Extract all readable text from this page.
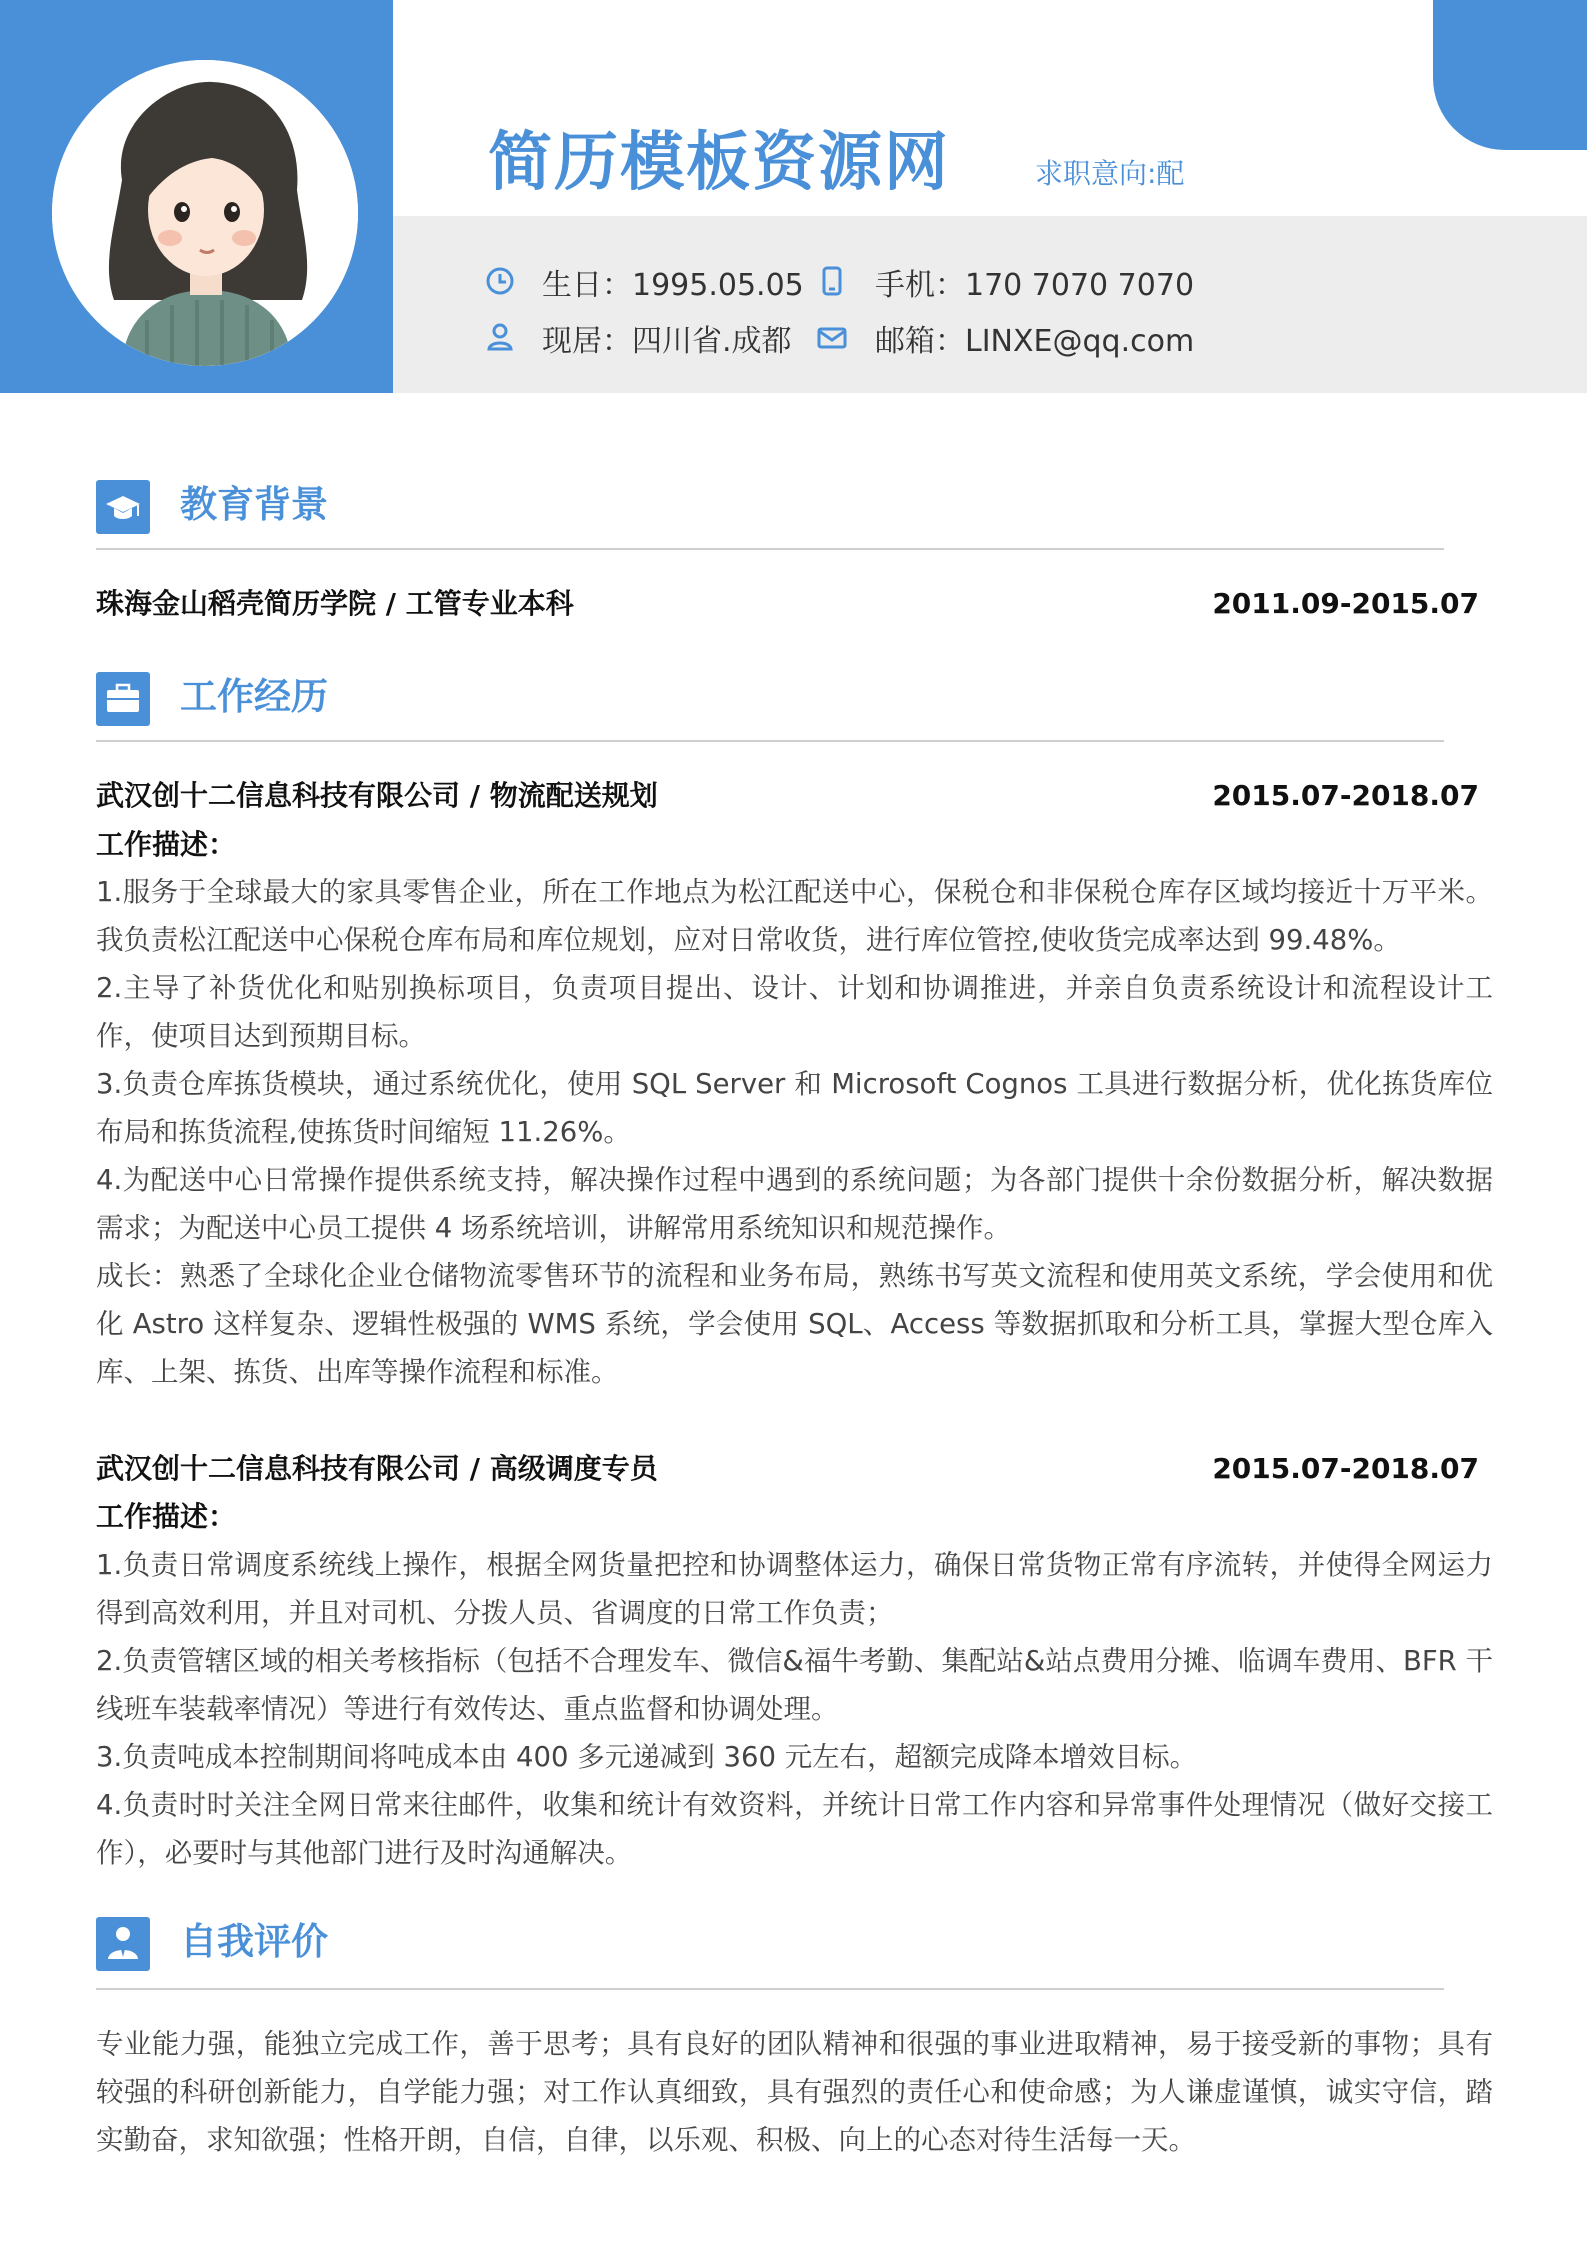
简历模板资源网	求职意向:配
生日：1995.05.05 手机：170 7070 7070
现居：四川省.成都	邮箱：LINXE@qq.com
教育背景
珠海金山稻壳简历学院 / 工管专业本科	2011.09-2015.07
工作经历
武汉创十二信息科技有限公司 / 物流配送规划	2015.07-2018.07
工作描述：

1.服务于全球最大的家具零售企业，所在工作地点为松江配送中心，保税仓和非保税仓库存区域均接近十万平米。我负责松江配送中心保税仓库布局和库位规划，应对日常收货，进行库位管控,使收货完成率达到 99.48%。

2.主导了补货优化和贴别换标项目，负责项目提出、设计、计划和协调推进，并亲自负责系统设计和流程设计工作，使项目达到预期目标。

3.负责仓库拣货模块，通过系统优化，使用 SQL Server 和 Microsoft Cognos 工具进行数据分析，优化拣货库位布局和拣货流程,使拣货时间缩短 11.26%。

4.为配送中心日常操作提供系统支持，解决操作过程中遇到的系统问题；为各部门提供十余份数据分析，解决数据需求；为配送中心员工提供 4 场系统培训，讲解常用系统知识和规范操作。

成长：熟悉了全球化企业仓储物流零售环节的流程和业务布局，熟练书写英文流程和使用英文系统，学会使用和优化 Astro 这样复杂、逻辑性极强的 WMS 系统，学会使用 SQL、Access 等数据抓取和分析工具，掌握大型仓库入库、上架、拣货、出库等操作流程和标准。

武汉创十二信息科技有限公司 / 高级调度专员	2015.07-2018.07
工作描述：

1.负责日常调度系统线上操作，根据全网货量把控和协调整体运力，确保日常货物正常有序流转，并使得全网运力得到高效利用，并且对司机、分拨人员、省调度的日常工作负责；

2.负责管辖区域的相关考核指标（包括不合理发车、微信&福牛考勤、集配站&站点费用分摊、临调车费用、BFR 干线班车装载率情况）等进行有效传达、重点监督和协调处理。

3.负责吨成本控制期间将吨成本由 400 多元递减到 360 元左右，超额完成降本增效目标。

4.负责时时关注全网日常来往邮件，收集和统计有效资料，并统计日常工作内容和异常事件处理情况（做好交接工作），必要时与其他部门进行及时沟通解决。

自我评价
专业能力强，能独立完成工作，善于思考；具有良好的团队精神和很强的事业进取精神，易于接受新的事物；具有较强的科研创新能力，自学能力强；对工作认真细致，具有强烈的责任心和使命感；为人谦虚谨慎，诚实守信，踏实勤奋，求知欲强；性格开朗，自信，自律，以乐观、积极、向上的心态对待生活每一天。
